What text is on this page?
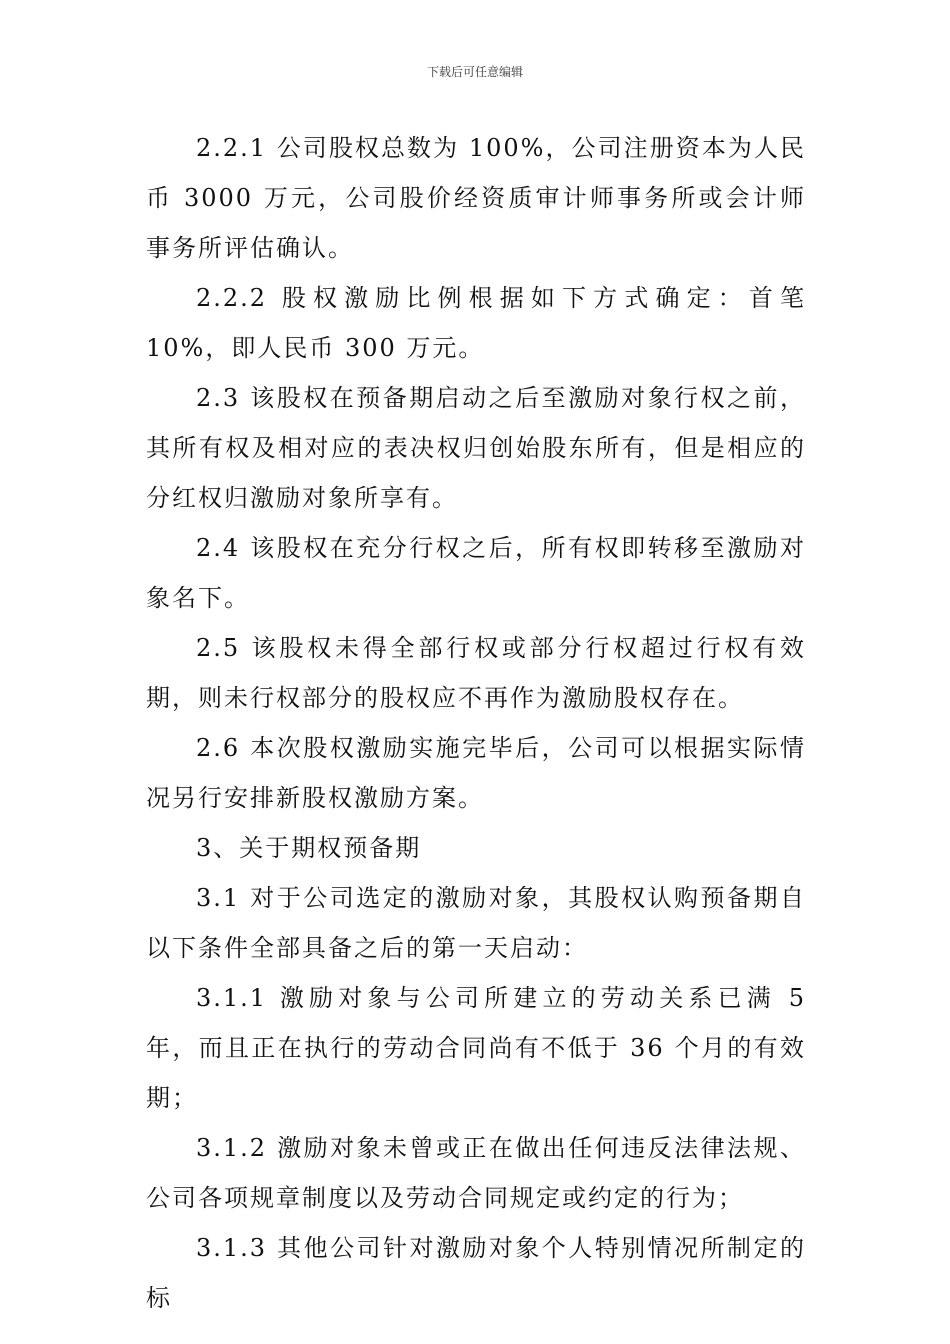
下载后可任意编辑

2.2.1 公司股权总数为 100%，公司注册资本为人民币 3000 万元，公司股价经资质审计师事务所或会计师事务所评估确认。

2.2.2 股权激励比例根据如下方式确定：首笔 10%，即人民币 300 万元。

2.3 该股权在预备期启动之后至激励对象行权之前，其所有权及相对应的表决权归创始股东所有，但是相应的分红权归激励对象所享有。

2.4 该股权在充分行权之后，所有权即转移至激励对象名下。

2.5 该股权未得全部行权或部分行权超过行权有效期，则未行权部分的股权应不再作为激励股权存在。

2.6 本次股权激励实施完毕后，公司可以根据实际情况另行安排新股权激励方案。

3、关于期权预备期

3.1 对于公司选定的激励对象，其股权认购预备期自以下条件全部具备之后的第一天启动：

3.1.1 激励对象与公司所建立的劳动关系已满 5 年，而且正在执行的劳动合同尚有不低于 36 个月的有效期；

3.1.2 激励对象未曾或正在做出任何违反法律法规、公司各项规章制度以及劳动合同规定或约定的行为；

3.1.3 其他公司针对激励对象个人特别情况所制定的标
